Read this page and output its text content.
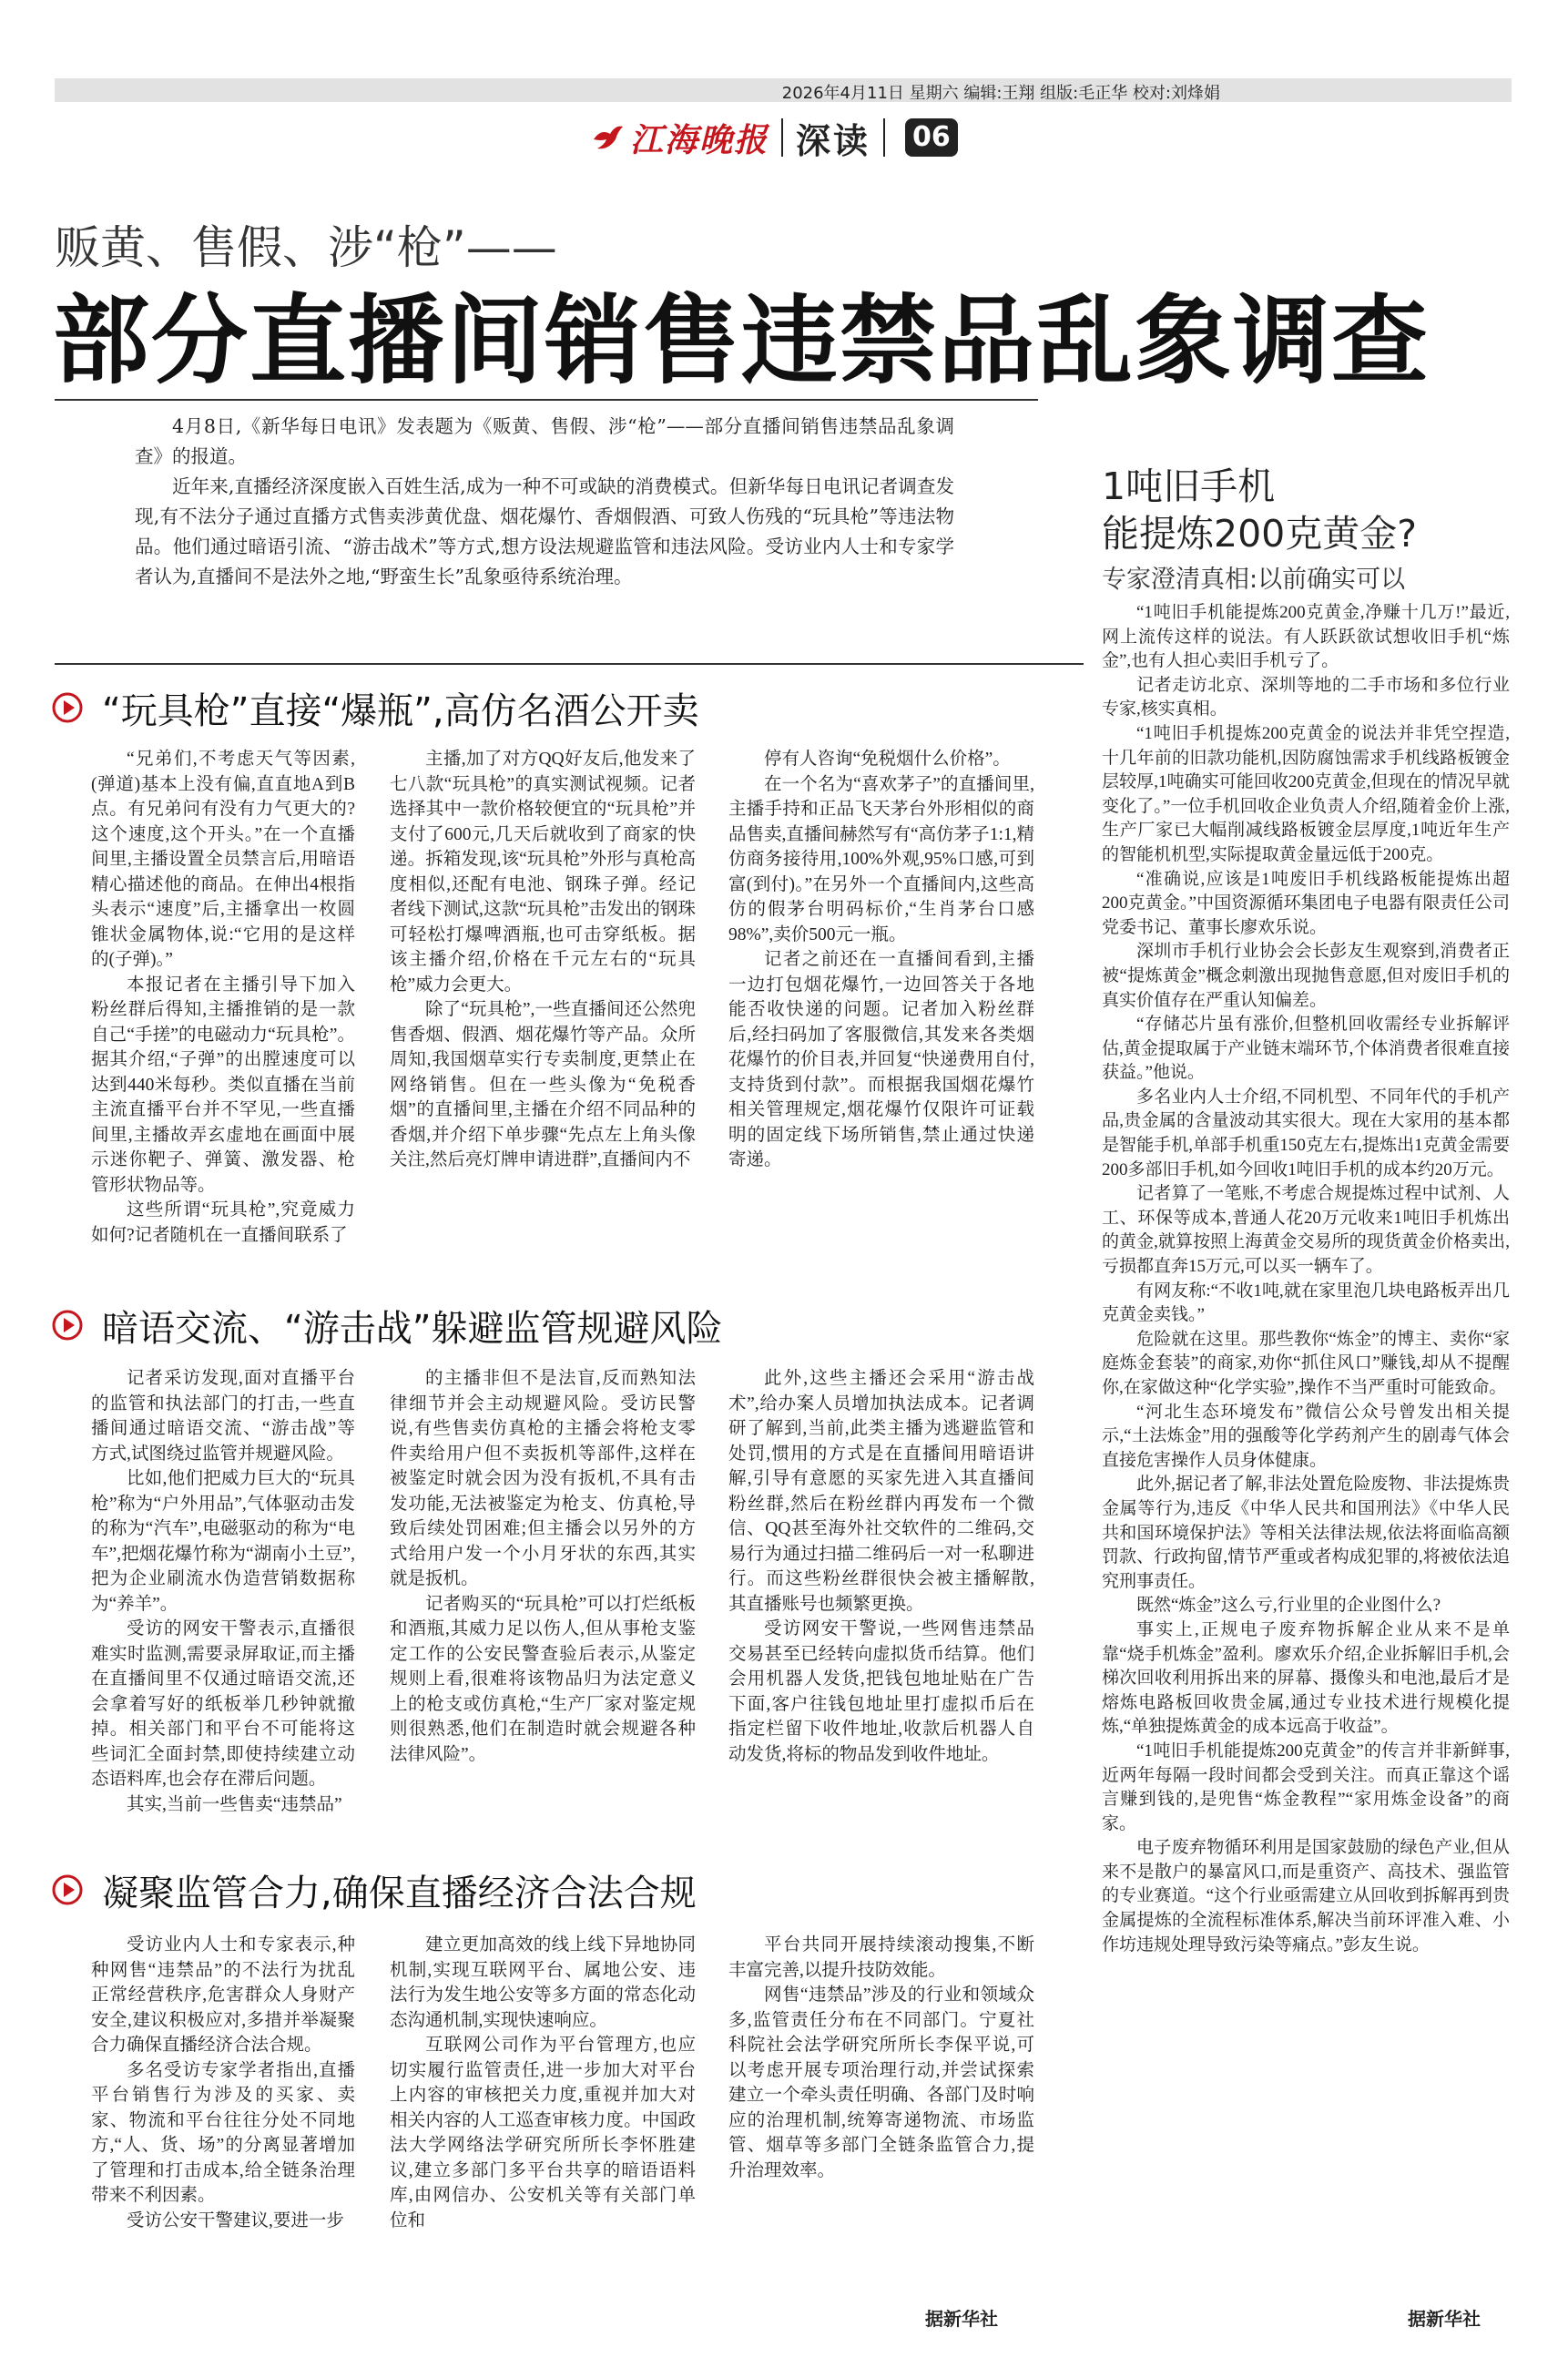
2026年4月11日 星期六 编辑:王翔 组版:毛正华 校对:刘烽娟
江海晚报 深读 06
贩黄、售假、涉“枪”——
部分直播间销售违禁品乱象调查

4月8日,《新华每日电讯》发表题为《贩黄、售假、涉“枪”——部分直播间销售违禁品乱象调查》的报道。

近年来,直播经济深度嵌入百姓生活,成为一种不可或缺的消费模式。但新华每日电讯记者调查发现,有不法分子通过直播方式售卖涉黄优盘、烟花爆竹、香烟假酒、可致人伤残的“玩具枪”等违法物品。他们通过暗语引流、“游击战术”等方式,想方设法规避监管和违法风险。受访业内人士和专家学者认为,直播间不是法外之地,“野蛮生长”乱象亟待系统治理。

“玩具枪”直接“爆瓶”,高仿名酒公开卖

“兄弟们,不考虑天气等因素,(弹道)基本上没有偏,直直地A到B点。有兄弟问有没有力气更大的?这个速度,这个开头。”在一个直播间里,主播设置全员禁言后,用暗语精心描述他的商品。在伸出4根指头表示“速度”后,主播拿出一枚圆锥状金属物体,说:“它用的是这样的(子弹)。”

本报记者在主播引导下加入粉丝群后得知,主播推销的是一款自己“手搓”的电磁动力“玩具枪”。据其介绍,“子弹”的出膛速度可以达到440米每秒。类似直播在当前主流直播平台并不罕见,一些直播间里,主播故弄玄虚地在画面中展示迷你靶子、弹簧、激发器、枪管形状物品等。

这些所谓“玩具枪”,究竟威力如何?记者随机在一直播间联系了

主播,加了对方QQ好友后,他发来了七八款“玩具枪”的真实测试视频。记者选择其中一款价格较便宜的“玩具枪”并支付了600元,几天后就收到了商家的快递。拆箱发现,该“玩具枪”外形与真枪高度相似,还配有电池、钢珠子弹。经记者线下测试,这款“玩具枪”击发出的钢珠可轻松打爆啤酒瓶,也可击穿纸板。据该主播介绍,价格在千元左右的“玩具枪”威力会更大。

除了“玩具枪”,一些直播间还公然兜售香烟、假酒、烟花爆竹等产品。众所周知,我国烟草实行专卖制度,更禁止在网络销售。但在一些头像为“免税香烟”的直播间里,主播在介绍不同品种的香烟,并介绍下单步骤“先点左上角头像关注,然后亮灯牌申请进群”,直播间内不

停有人咨询“免税烟什么价格”。

在一个名为“喜欢茅子”的直播间里,主播手持和正品飞天茅台外形相似的商品售卖,直播间赫然写有“高仿茅子1:1,精仿商务接待用,100%外观,95%口感,可到富(到付)。”在另外一个直播间内,这些高仿的假茅台明码标价,“生肖茅台口感98%”,卖价500元一瓶。

记者之前还在一直播间看到,主播一边打包烟花爆竹,一边回答关于各地能否收快递的问题。记者加入粉丝群后,经扫码加了客服微信,其发来各类烟花爆竹的价目表,并回复“快递费用自付,支持货到付款”。而根据我国烟花爆竹相关管理规定,烟花爆竹仅限许可证载明的固定线下场所销售,禁止通过快递寄递。

暗语交流、“游击战”躲避监管规避风险

记者采访发现,面对直播平台的监管和执法部门的打击,一些直播间通过暗语交流、“游击战”等方式,试图绕过监管并规避风险。

比如,他们把威力巨大的“玩具枪”称为“户外用品”,气体驱动击发的称为“汽车”,电磁驱动的称为“电车”,把烟花爆竹称为“湖南小土豆”,把为企业刷流水伪造营销数据称为“养羊”。

受访的网安干警表示,直播很难实时监测,需要录屏取证,而主播在直播间里不仅通过暗语交流,还会拿着写好的纸板举几秒钟就撤掉。相关部门和平台不可能将这些词汇全面封禁,即使持续建立动态语料库,也会存在滞后问题。

其实,当前一些售卖“违禁品”

的主播非但不是法盲,反而熟知法律细节并会主动规避风险。受访民警说,有些售卖仿真枪的主播会将枪支零件卖给用户但不卖扳机等部件,这样在被鉴定时就会因为没有扳机,不具有击发功能,无法被鉴定为枪支、仿真枪,导致后续处罚困难;但主播会以另外的方式给用户发一个小月牙状的东西,其实就是扳机。

记者购买的“玩具枪”可以打烂纸板和酒瓶,其威力足以伤人,但从事枪支鉴定工作的公安民警查验后表示,从鉴定规则上看,很难将该物品归为法定意义上的枪支或仿真枪,“生产厂家对鉴定规则很熟悉,他们在制造时就会规避各种法律风险”。

此外,这些主播还会采用“游击战术”,给办案人员增加执法成本。记者调研了解到,当前,此类主播为逃避监管和处罚,惯用的方式是在直播间用暗语讲解,引导有意愿的买家先进入其直播间粉丝群,然后在粉丝群内再发布一个微信、QQ甚至海外社交软件的二维码,交易行为通过扫描二维码后一对一私聊进行。而这些粉丝群很快会被主播解散,其直播账号也频繁更换。

受访网安干警说,一些网售违禁品交易甚至已经转向虚拟货币结算。他们会用机器人发货,把钱包地址贴在广告下面,客户往钱包地址里打虚拟币后在指定栏留下收件地址,收款后机器人自动发货,将标的物品发到收件地址。

凝聚监管合力,确保直播经济合法合规

受访业内人士和专家表示,种种网售“违禁品”的不法行为扰乱正常经营秩序,危害群众人身财产安全,建议积极应对,多措并举凝聚合力确保直播经济合法合规。

多名受访专家学者指出,直播平台销售行为涉及的买家、卖家、物流和平台往往分处不同地方,“人、货、场”的分离显著增加了管理和打击成本,给全链条治理带来不利因素。

受访公安干警建议,要进一步

建立更加高效的线上线下异地协同机制,实现互联网平台、属地公安、违法行为发生地公安等多方面的常态化动态沟通机制,实现快速响应。

互联网公司作为平台管理方,也应切实履行监管责任,进一步加大对平台上内容的审核把关力度,重视并加大对相关内容的人工巡查审核力度。中国政法大学网络法学研究所所长李怀胜建议,建立多部门多平台共享的暗语语料库,由网信办、公安机关等有关部门单位和

平台共同开展持续滚动搜集,不断丰富完善,以提升技防效能。

网售“违禁品”涉及的行业和领域众多,监管责任分布在不同部门。宁夏社科院社会法学研究所所长李保平说,可以考虑开展专项治理行动,并尝试探索建立一个牵头责任明确、各部门及时响应的治理机制,统筹寄递物流、市场监管、烟草等多部门全链条监管合力,提升治理效率。

据新华社
1吨旧手机
能提炼200克黄金?
专家澄清真相:以前确实可以

“1吨旧手机能提炼200克黄金,净赚十几万!”最近,网上流传这样的说法。有人跃跃欲试想收旧手机“炼金”,也有人担心卖旧手机亏了。

记者走访北京、深圳等地的二手市场和多位行业专家,核实真相。

“1吨旧手机提炼200克黄金的说法并非凭空捏造,十几年前的旧款功能机,因防腐蚀需求手机线路板镀金层较厚,1吨确实可能回收200克黄金,但现在的情况早就变化了。”一位手机回收企业负责人介绍,随着金价上涨,生产厂家已大幅削减线路板镀金层厚度,1吨近年生产的智能机机型,实际提取黄金量远低于200克。

“准确说,应该是1吨废旧手机线路板能提炼出超200克黄金。”中国资源循环集团电子电器有限责任公司党委书记、董事长廖欢乐说。

深圳市手机行业协会会长彭友生观察到,消费者正被“提炼黄金”概念刺激出现抛售意愿,但对废旧手机的真实价值存在严重认知偏差。

“存储芯片虽有涨价,但整机回收需经专业拆解评估,黄金提取属于产业链末端环节,个体消费者很难直接获益。”他说。

多名业内人士介绍,不同机型、不同年代的手机产品,贵金属的含量波动其实很大。现在大家用的基本都是智能手机,单部手机重150克左右,提炼出1克黄金需要200多部旧手机,如今回收1吨旧手机的成本约20万元。

记者算了一笔账,不考虑合规提炼过程中试剂、人工、环保等成本,普通人花20万元收来1吨旧手机炼出的黄金,就算按照上海黄金交易所的现货黄金价格卖出,亏损都直奔15万元,可以买一辆车了。

有网友称:“不收1吨,就在家里泡几块电路板弄出几克黄金卖钱。”

危险就在这里。那些教你“炼金”的博主、卖你“家庭炼金套装”的商家,劝你“抓住风口”赚钱,却从不提醒你,在家做这种“化学实验”,操作不当严重时可能致命。

“河北生态环境发布”微信公众号曾发出相关提示,“土法炼金”用的强酸等化学药剂产生的剧毒气体会直接危害操作人员身体健康。

此外,据记者了解,非法处置危险废物、非法提炼贵金属等行为,违反《中华人民共和国刑法》《中华人民共和国环境保护法》等相关法律法规,依法将面临高额罚款、行政拘留,情节严重或者构成犯罪的,将被依法追究刑事责任。

既然“炼金”这么亏,行业里的企业图什么?

事实上,正规电子废弃物拆解企业从来不是单靠“烧手机炼金”盈利。廖欢乐介绍,企业拆解旧手机,会梯次回收利用拆出来的屏幕、摄像头和电池,最后才是熔炼电路板回收贵金属,通过专业技术进行规模化提炼,“单独提炼黄金的成本远高于收益”。

“1吨旧手机能提炼200克黄金”的传言并非新鲜事,近两年每隔一段时间都会受到关注。而真正靠这个谣言赚到钱的,是兜售“炼金教程”“家用炼金设备”的商家。

电子废弃物循环利用是国家鼓励的绿色产业,但从来不是散户的暴富风口,而是重资产、高技术、强监管的专业赛道。“这个行业亟需建立从回收到拆解再到贵金属提炼的全流程标准体系,解决当前环评准入难、小作坊违规处理导致污染等痛点。”彭友生说。

据新华社
